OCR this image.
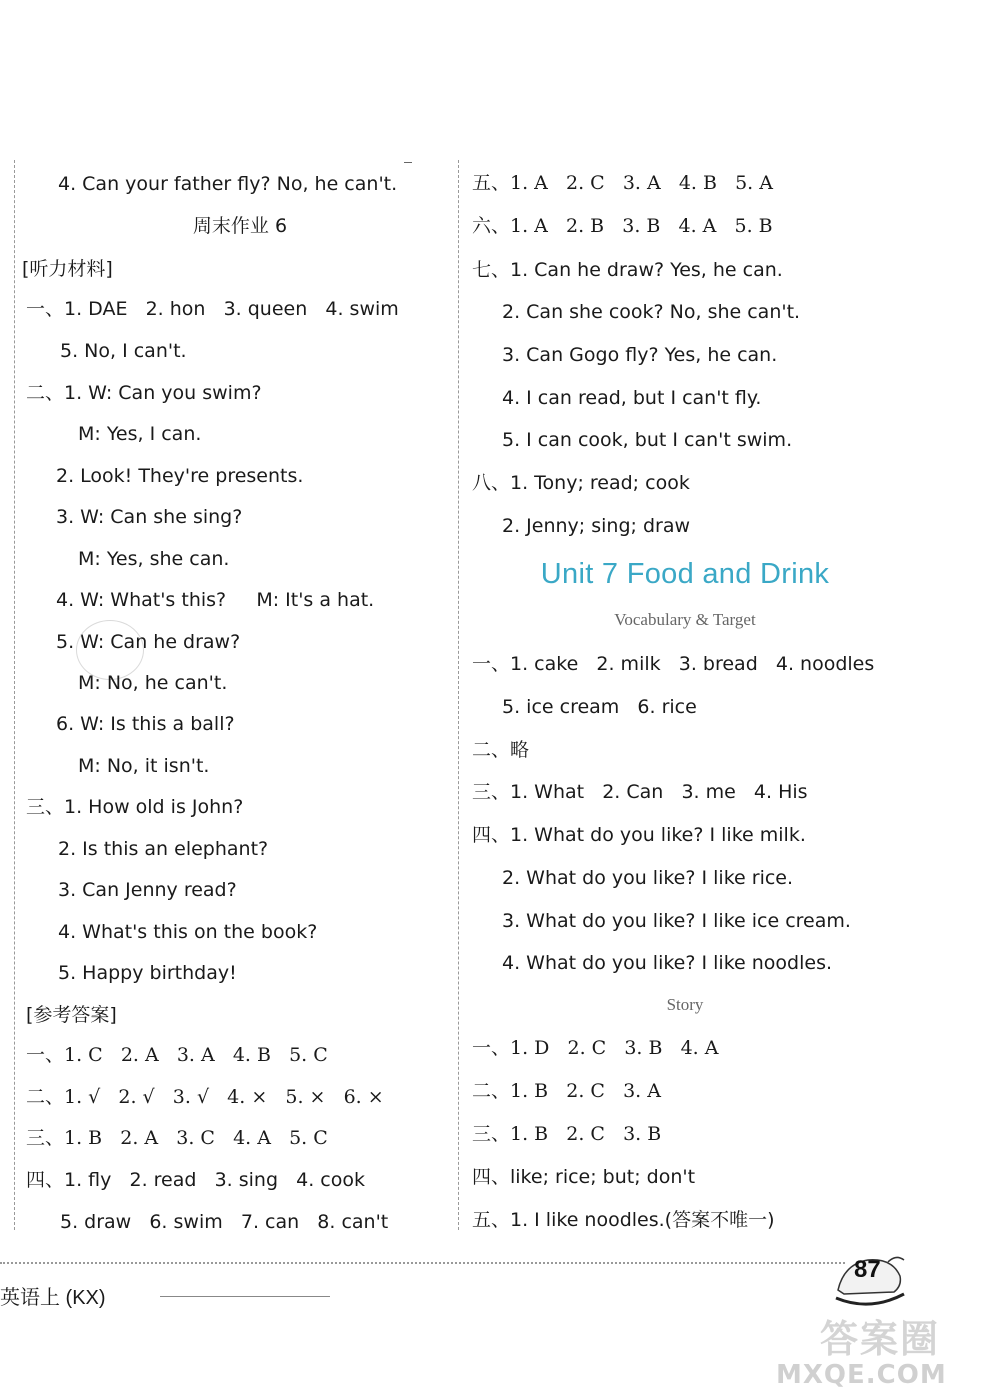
4. Can your father fly? No, he can't.
周末作业 6
[听力材料]
一、1. DAE   2. hon   3. queen   4. swim
5. No, I can't.
二、1. W: Can you swim?
M: Yes, I can.
2. Look! They're presents.
3. W: Can she sing?
M: Yes, she can.
4. W: What's this?     M: It's a hat.
5. W: Can he draw?
M: No, he can't.
6. W: Is this a ball?
M: No, it isn't.
三、1. How old is John?
2. Is this an elephant?
3. Can Jenny read?
4. What's this on the book?
5. Happy birthday!
[参考答案]
一、1. C   2. A   3. A   4. B   5. C
二、1. √   2. √   3. √   4. ×   5. ×   6. ×
三、1. B   2. A   3. C   4. A   5. C
四、1. fly   2. read   3. sing   4. cook
5. draw   6. swim   7. can   8. can't
五、1. A   2. C   3. A   4. B   5. A
六、1. A   2. B   3. B   4. A   5. B
七、1. Can he draw? Yes, he can.
2. Can she cook? No, she can't.
3. Can Gogo fly? Yes, he can.
4. I can read, but I can't fly.
5. I can cook, but I can't swim.
八、1. Tony; read; cook
2. Jenny; sing; draw
Unit 7 Food and Drink
Vocabulary & Target
一、1. cake   2. milk   3. bread   4. noodles
5. ice cream   6. rice
二、略
三、1. What   2. Can   3. me   4. His
四、1. What do you like? I like milk.
2. What do you like? I like rice.
3. What do you like? I like ice cream.
4. What do you like? I like noodles.
Story
一、1. D   2. C   3. B   4. A
二、1. B   2. C   3. A
三、1. B   2. C   3. B
四、like; rice; but; don't
五、1. I like noodles.(答案不唯一)
英语上 (KX)
87
答案圈
MXQE.COM
